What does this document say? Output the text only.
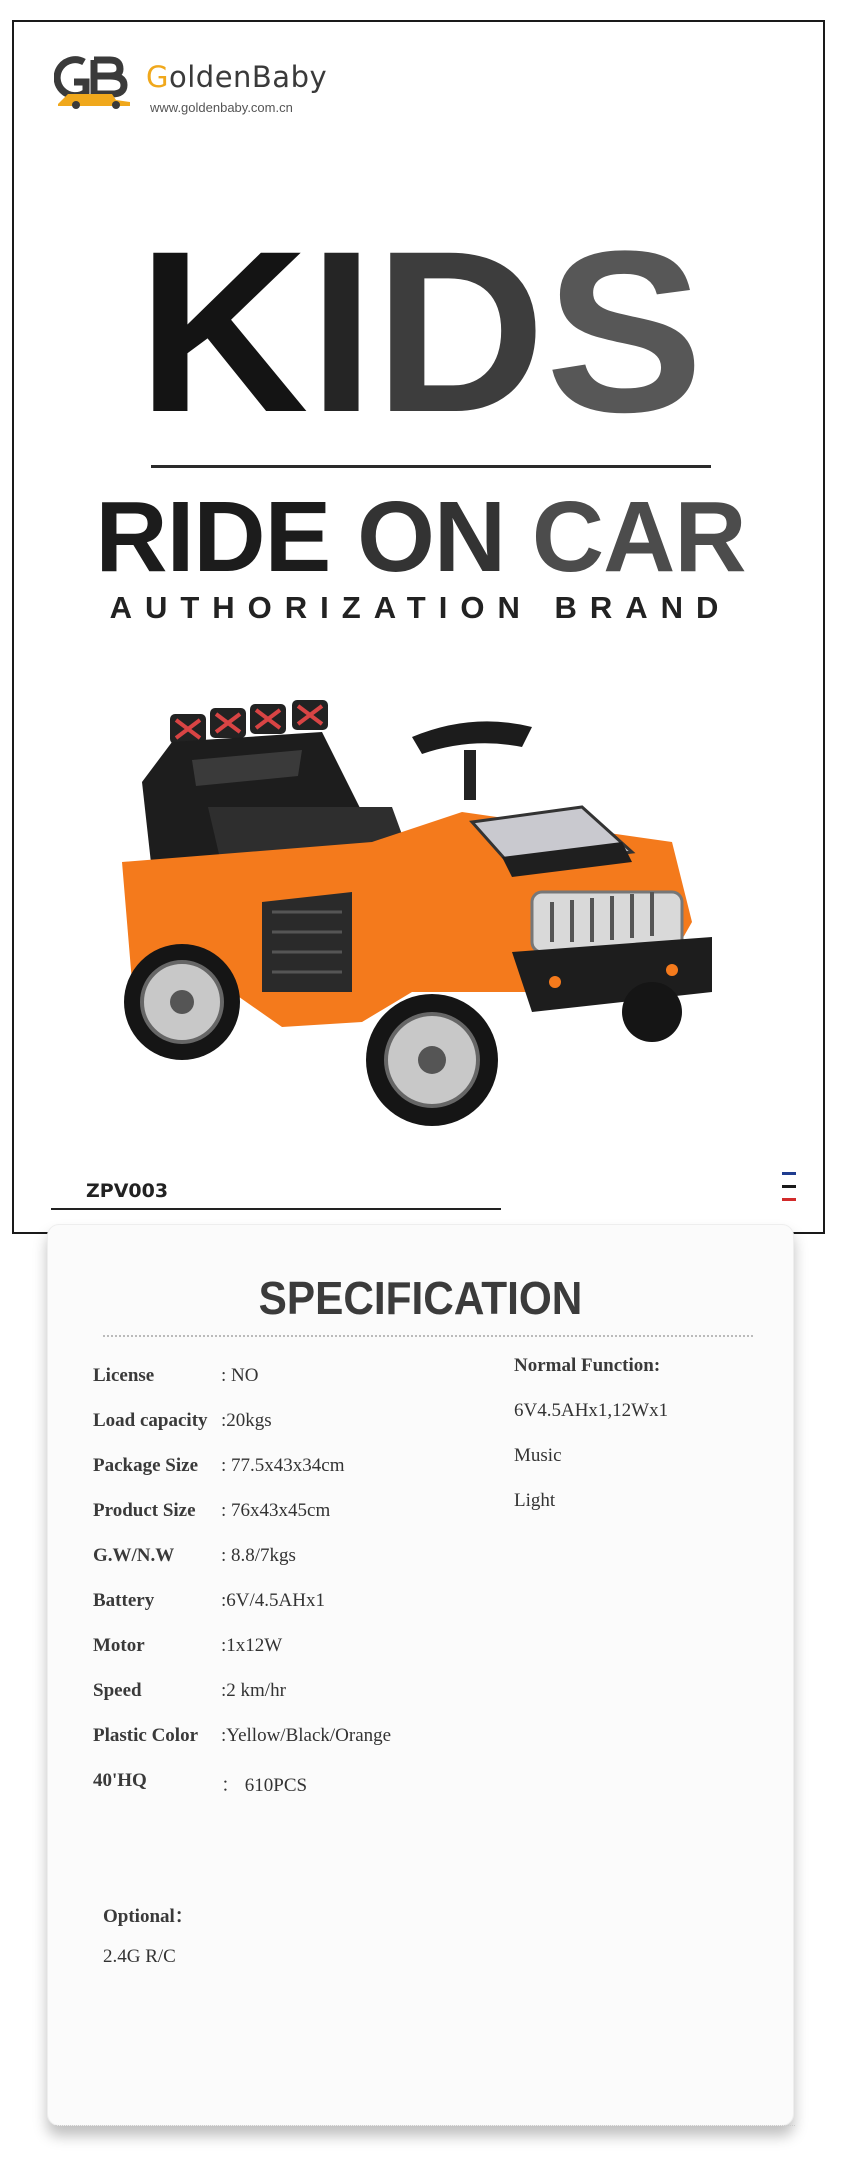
GoldenBaby
www.goldenbaby.com.cn
KIDS
RIDE ON CAR
AUTHORIZATION BRAND
ZPV003
SPECIFICATION
License	: NO
Load capacity :20kgs
Package Size : 77.5x43x34cm
Product Size : 76x43x45cm
G.W/N.W : 8.8/7kgs
Battery	:6V/4.5AHx1
Motor	:1x12W
Speed	:2 km/hr
Plastic Color :Yellow/Black/Orange
40'HQ	： 610PCS
Normal Function:
6V4.5AHx1,12Wx1
Music
Light
Optional：
2.4G R/C
